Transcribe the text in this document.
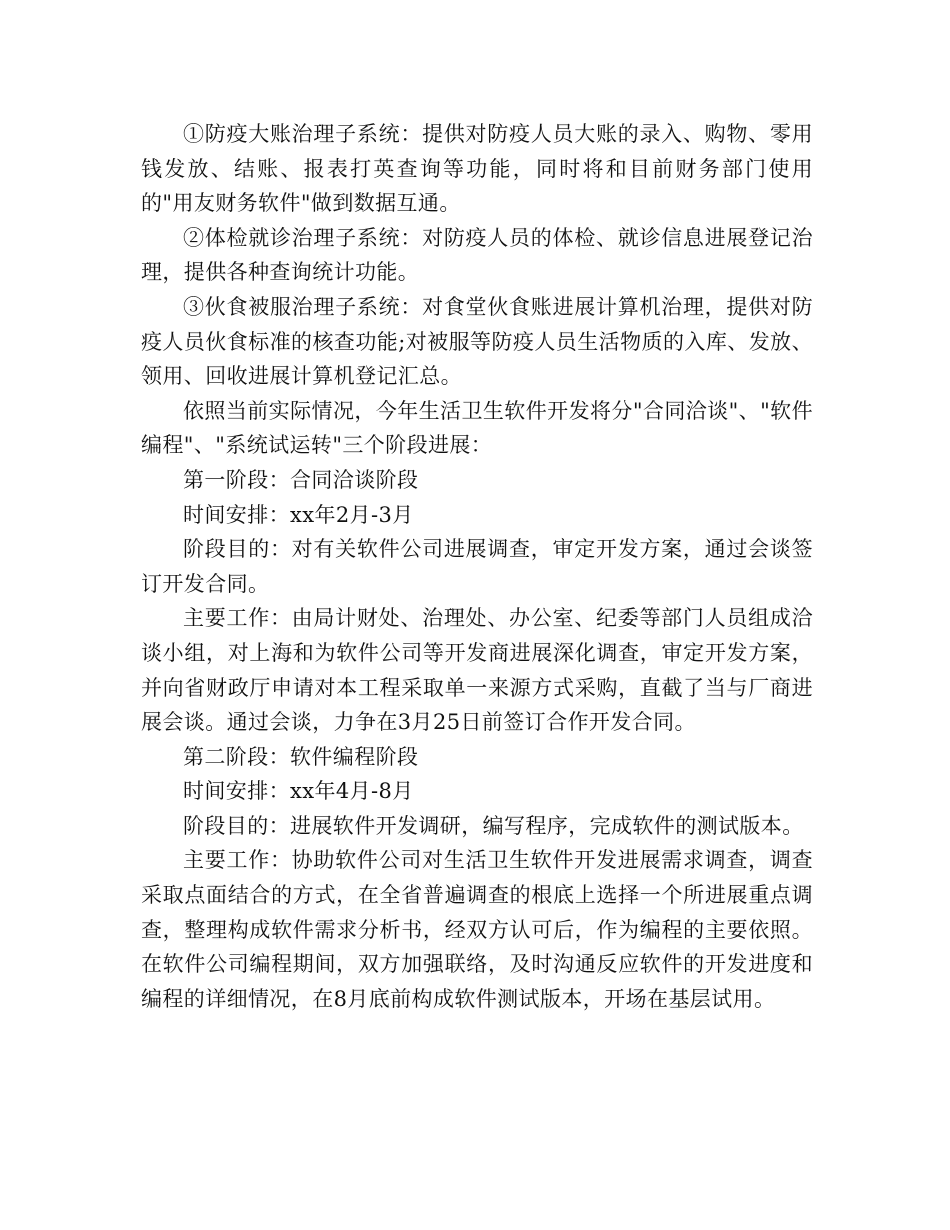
①防疫大账治理子系统：提供对防疫人员大账的录入、购物、零用钱发放、结账、报表打英查询等功能，同时将和目前财务部门使用的"用友财务软件"做到数据互通。

②体检就诊治理子系统：对防疫人员的体检、就诊信息进展登记治理，提供各种查询统计功能。

③伙食被服治理子系统：对食堂伙食账进展计算机治理，提供对防疫人员伙食标准的核查功能;对被服等防疫人员生活物质的入库、发放、领用、回收进展计算机登记汇总。

依照当前实际情况，今年生活卫生软件开发将分"合同洽谈"、"软件编程"、"系统试运转"三个阶段进展：

第一阶段：合同洽谈阶段

时间安排：xx年2月-3月

阶段目的：对有关软件公司进展调查，审定开发方案，通过会谈签订开发合同。

主要工作：由局计财处、治理处、办公室、纪委等部门人员组成洽谈小组，对上海和为软件公司等开发商进展深化调查，审定开发方案，并向省财政厅申请对本工程采取单一来源方式采购，直截了当与厂商进展会谈。通过会谈，力争在3月25日前签订合作开发合同。

第二阶段：软件编程阶段

时间安排：xx年4月-8月

阶段目的：进展软件开发调研，编写程序，完成软件的测试版本。

主要工作：协助软件公司对生活卫生软件开发进展需求调查，调查采取点面结合的方式，在全省普遍调查的根底上选择一个所进展重点调查，整理构成软件需求分析书，经双方认可后，作为编程的主要依照。在软件公司编程期间，双方加强联络，及时沟通反应软件的开发进度和编程的详细情况，在8月底前构成软件测试版本，开场在基层试用。
